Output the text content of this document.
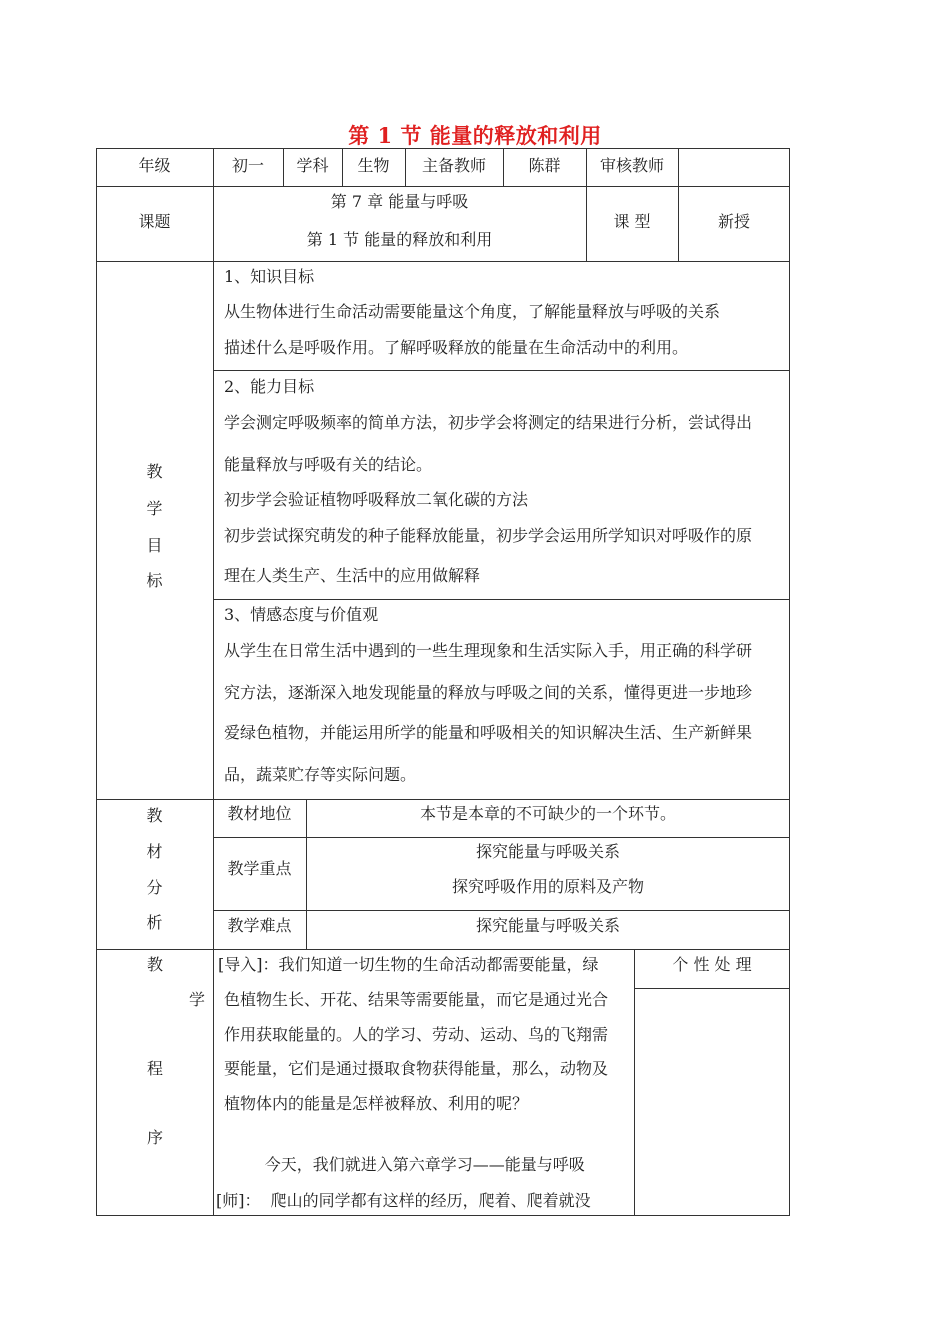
第 1 节 能量的释放和利用
年级	初一	学科	生物	主备教师	陈群	审核教师
课题
第 7 章 能量与呼吸
第 1 节 能量的释放和利用
课 型	新授
教
学
目
标
1、知识目标
从生物体进行生命活动需要能量这个角度，了解能量释放与呼吸的关系
描述什么是呼吸作用。了解呼吸释放的能量在生命活动中的利用。
2、能力目标
学会测定呼吸频率的简单方法，初步学会将测定的结果进行分析，尝试得出
能量释放与呼吸有关的结论。
初步学会验证植物呼吸释放二氧化碳的方法
初步尝试探究萌发的种子能释放能量，初步学会运用所学知识对呼吸作的原
理在人类生产、生活中的应用做解释
3、情感态度与价值观
从学生在日常生活中遇到的一些生理现象和生活实际入手，用正确的科学研
究方法，逐渐深入地发现能量的释放与呼吸之间的关系，懂得更进一步地珍
爱绿色植物，并能运用所学的能量和呼吸相关的知识解决生活、生产新鲜果
品，蔬菜贮存等实际问题。
教
材
分
析
教材地位	本节是本章的不可缺少的一个环节。
教学重点
探究能量与呼吸关系
探究呼吸作用的原料及产物
教学难点	探究能量与呼吸关系
教
学
程
序
个 性 处 理
[导入]：我们知道一切生物的生命活动都需要能量，绿
色植物生长、开花、结果等需要能量，而它是通过光合
作用获取能量的。人的学习、劳动、运动、鸟的飞翔需
要能量，它们是通过摄取食物获得能量，那么，动物及
植物体内的能量是怎样被释放、利用的呢？
今天，我们就进入第六章学习——能量与呼吸
[师]：  爬山的同学都有这样的经历，爬着、爬着就没
